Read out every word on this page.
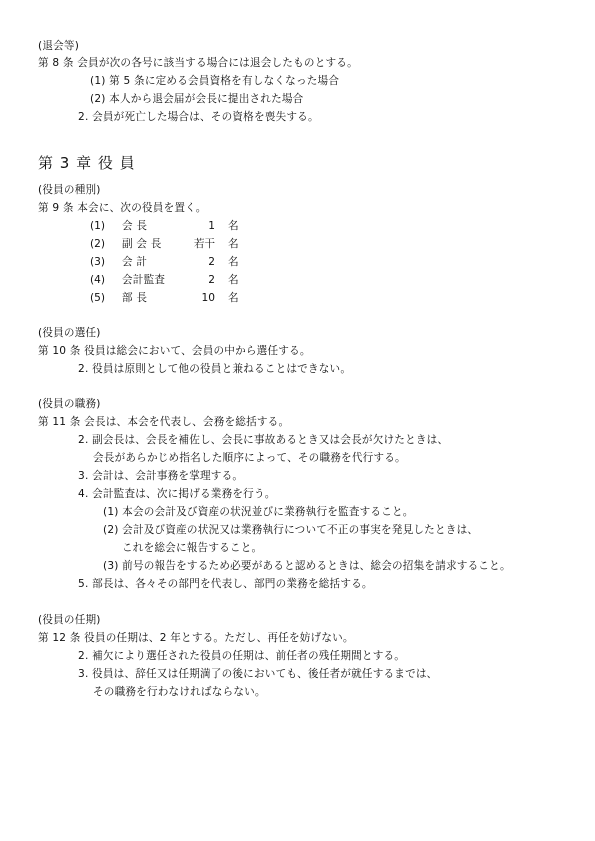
(退会等)
第 8 条 会員が次の各号に該当する場合には退会したものとする。
(1) 第 5 条に定める会員資格を有しなくなった場合
(2) 本人から退会届が会長に提出された場合
2. 会員が死亡した場合は、その資格を喪失する。
第 3 章 役 員
(役員の種別)
第 9 条 本会に、次の役員を置く。
(1)	会 長	1 名
(2)	副 会 長	若干 名
(3)	会 計	2 名
(4)	会計監査	2 名
(5)	部 長	10 名
(役員の選任)
第 10 条 役員は総会において、会員の中から選任する。
2. 役員は原則として他の役員と兼ねることはできない。
(役員の職務)
第 11 条 会長は、本会を代表し、会務を総括する。
2. 副会長は、会長を補佐し、会長に事故あるとき又は会長が欠けたときは、
会長があらかじめ指名した順序によって、その職務を代行する。
3. 会計は、会計事務を掌理する。
4. 会計監査は、次に掲げる業務を行う。
(1) 本会の会計及び資産の状況並びに業務執行を監査すること。
(2) 会計及び資産の状況又は業務執行について不正の事実を発見したときは、
これを総会に報告すること。
(3) 前号の報告をするため必要があると認めるときは、総会の招集を請求すること。
5. 部長は、各々その部門を代表し、部門の業務を総括する。
(役員の任期)
第 12 条 役員の任期は、2 年とする。ただし、再任を妨げない。
2. 補欠により選任された役員の任期は、前任者の残任期間とする。
3. 役員は、辞任又は任期満了の後においても、後任者が就任するまでは、
その職務を行わなければならない。
